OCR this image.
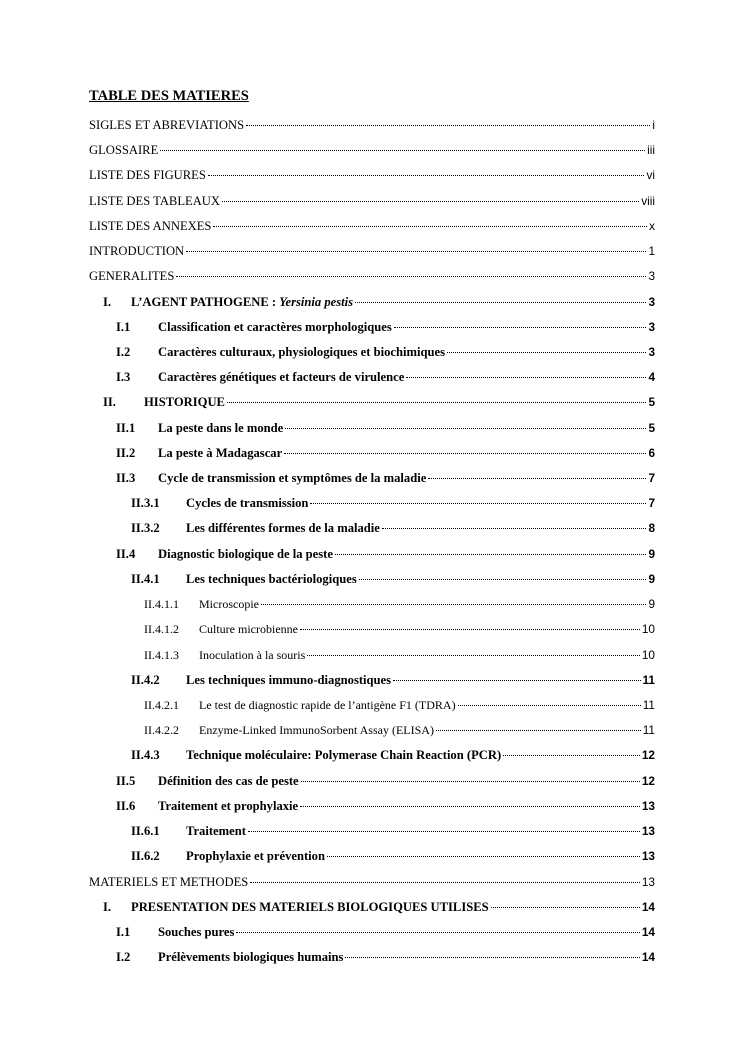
TABLE DES MATIERES
SIGLES ET ABREVIATIONS	i
GLOSSAIRE	iii
LISTE DES FIGURES	vi
LISTE DES TABLEAUX	viii
LISTE DES ANNEXES	x
INTRODUCTION	1
GENERALITES	3
I.	L’AGENT PATHOGENE : Yersinia pestis	3
I.1	Classification et caractères morphologiques	3
I.2	Caractères culturaux, physiologiques et biochimiques	3
I.3	Caractères génétiques et facteurs de virulence	4
II.	HISTORIQUE	5
II.1	La peste dans le monde	5
II.2	La peste à Madagascar	6
II.3	Cycle de transmission et symptômes de la maladie	7
II.3.1	Cycles de transmission	7
II.3.2	Les différentes formes de la maladie	8
II.4	Diagnostic biologique de la peste	9
II.4.1	Les techniques bactériologiques	9
II.4.1.1	Microscopie	9
II.4.1.2	Culture microbienne	10
II.4.1.3	Inoculation à la souris	10
II.4.2	Les techniques immuno-diagnostiques	11
II.4.2.1	Le test de diagnostic rapide de l’antigène F1 (TDRA)	11
II.4.2.2	Enzyme-Linked ImmunoSorbent Assay (ELISA)	11
II.4.3	Technique moléculaire: Polymerase Chain Reaction (PCR)	12
II.5	Définition des cas de peste	12
II.6	Traitement et prophylaxie	13
II.6.1	Traitement	13
II.6.2	Prophylaxie et prévention	13
MATERIELS ET METHODES	13
I.	PRESENTATION DES MATERIELS BIOLOGIQUES UTILISES	14
I.1	Souches pures	14
I.2	Prélèvements biologiques humains	14
